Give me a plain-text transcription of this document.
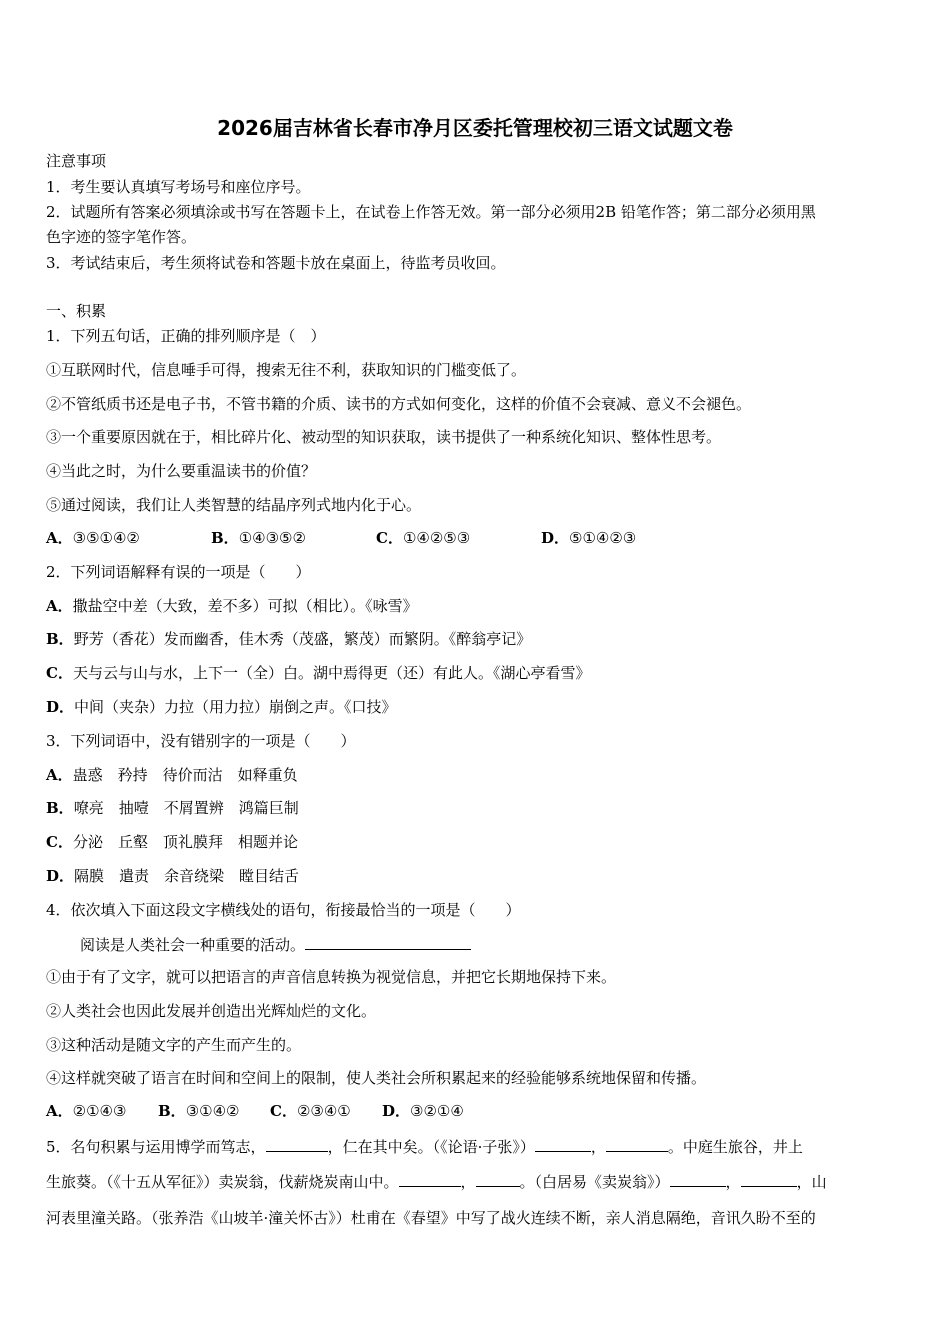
2026届吉林省长春市净月区委托管理校初三语文试题文卷
注意事项
1．考生要认真填写考场号和座位序号。
2．试题所有答案必须填涂或书写在答题卡上，在试卷上作答无效。第一部分必须用2B 铅笔作答；第二部分必须用黑
色字迹的签字笔作答。
3．考试结束后，考生须将试卷和答题卡放在桌面上，待监考员收回。
一、积累
1．下列五句话，正确的排列顺序是（　）
①互联网时代，信息唾手可得，搜索无往不利，获取知识的门槛变低了。
②不管纸质书还是电子书，不管书籍的介质、读书的方式如何变化，这样的价值不会衰减、意义不会褪色。
③一个重要原因就在于，相比碎片化、被动型的知识获取，读书提供了一种系统化知识、整体性思考。
④当此之时，为什么要重温读书的价值？
⑤通过阅读，我们让人类智慧的结晶序列式地内化于心。
A．③⑤①④②	B．①④③⑤②	C．①④②⑤③	D．⑤①④②③
2．下列词语解释有误的一项是（　　）
A．撒盐空中差（大致，差不多）可拟（相比）。《咏雪》
B．野芳（香花）发而幽香，佳木秀（茂盛，繁茂）而繁阴。《醉翁亭记》
C．天与云与山与水，上下一（全）白。湖中焉得更（还）有此人。《湖心亭看雪》
D．中间（夹杂）力拉（用力拉）崩倒之声。《口技》
3．下列词语中，没有错别字的一项是（　　）
A．蛊惑　矜持　待价而沽　如释重负
B．嘹亮　抽噎　不屑置辨　鸿篇巨制
C．分泌　丘壑　顶礼膜拜　相题并论
D．隔膜　遣责　余音绕梁　瞠目结舌
4．依次填入下面这段文字横线处的语句，衔接最恰当的一项是（　　）
阅读是人类社会一种重要的活动。
①由于有了文字，就可以把语言的声音信息转换为视觉信息，并把它长期地保持下来。
②人类社会也因此发展并创造出光辉灿烂的文化。
③这种活动是随文字的产生而产生的。
④这样就突破了语言在时间和空间上的限制，使人类社会所积累起来的经验能够系统地保留和传播。
A．②①④③ B．③①④② C．②③④① D．③②①④
5．名句积累与运用博学而笃志，	，仁在其中矣。（《论语·子张》）	，	。中庭生旅谷，井上
生旅葵。（《十五从军征》）卖炭翁，伐薪烧炭南山中。	，	。（白居易《卖炭翁》）	，	，山
河表里潼关路。（张养浩《山坡羊·潼关怀古》）杜甫在《春望》中写了战火连续不断，亲人消息隔绝，音讯久盼不至的
